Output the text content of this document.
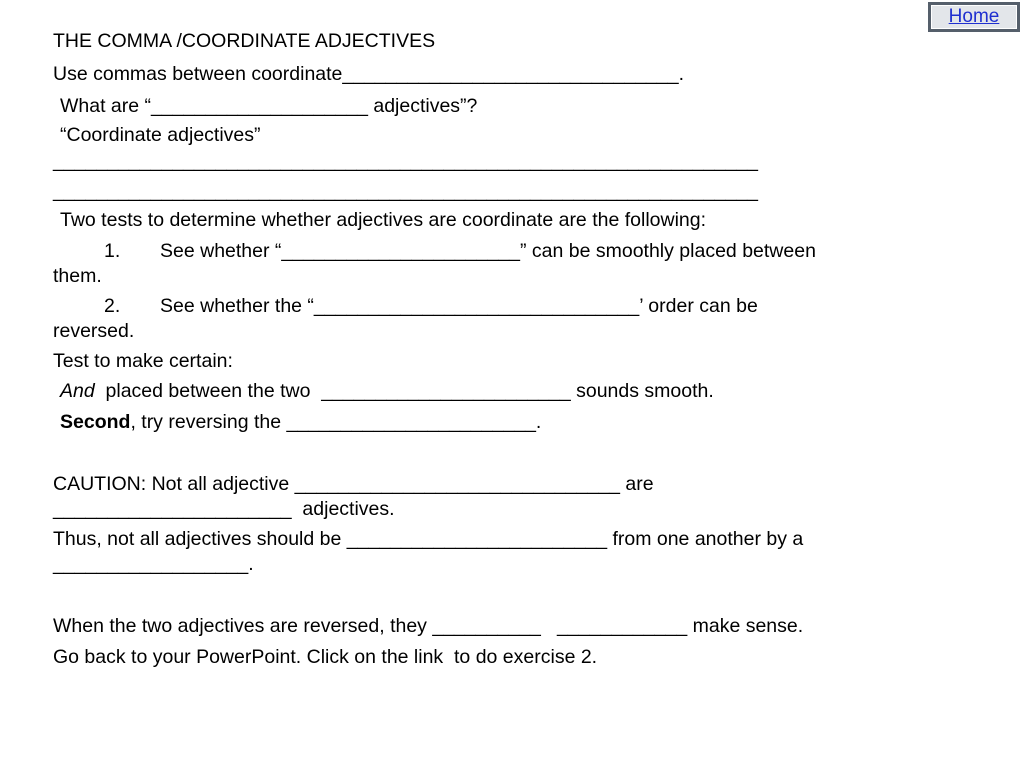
Home
THE COMMA /COORDINATE ADJECTIVES
Use commas between coordinate_______________________________.
What are “____________________ adjectives”?
“Coordinate adjectives”
_________________________________________________________________
_________________________________________________________________
Two tests to determine whether adjectives are coordinate are the following:
1. See whether “______________________” can be smoothly placed between
them.
2. See whether the “______________________________’ order can be
reversed.
Test to make certain:
And  placed between the two  _______________________ sounds smooth.
Second, try reversing the _______________________.
CAUTION: Not all adjective ______________________________ are
______________________  adjectives.
Thus, not all adjectives should be ________________________ from one another by a
__________________.
When the two adjectives are reversed, they __________   ____________ make sense.
Go back to your PowerPoint. Click on the link  to do exercise 2.
